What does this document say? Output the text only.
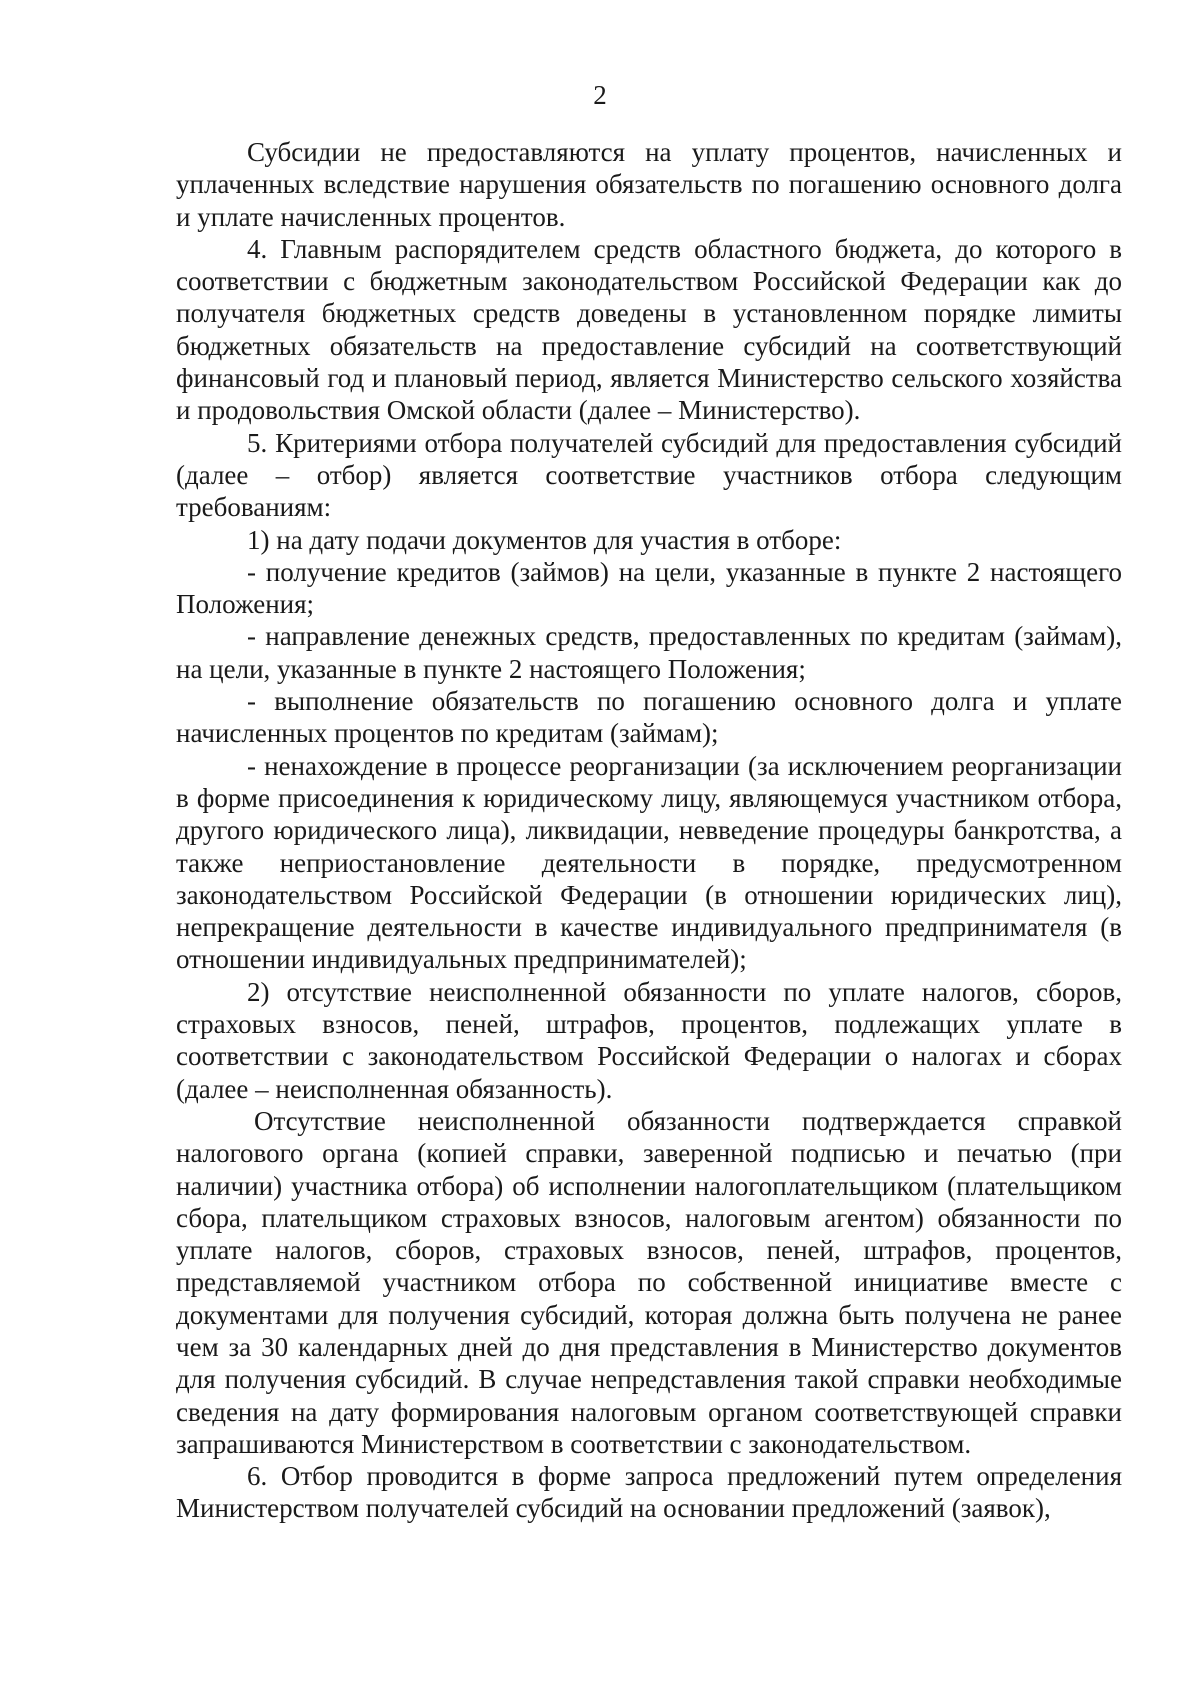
2

Субсидии не предоставляются на уплату процентов, начисленных и уплаченных вследствие нарушения обязательств по погашению основного долга и уплате начисленных процентов.

4. Главным распорядителем средств областного бюджета, до которого в соответствии с бюджетным законодательством Российской Федерации как до получателя бюджетных средств доведены в установленном порядке лимиты бюджетных обязательств на предоставление субсидий на соответствующий финансовый год и плановый период, является Министерство сельского хозяйства и продовольствия Омской области (далее – Министерство).

5. Критериями отбора получателей субсидий для предоставления субсидий (далее – отбор) является соответствие участников отбора следующим требованиям:

1) на дату подачи документов для участия в отборе:

- получение кредитов (займов) на цели, указанные в пункте 2 настоящего Положения;

- направление денежных средств, предоставленных по кредитам (займам), на цели, указанные в пункте 2 настоящего Положения;

- выполнение обязательств по погашению основного долга и уплате начисленных процентов по кредитам (займам);

- ненахождение в процессе реорганизации (за исключением реорганизации в форме присоединения к юридическому лицу, являющемуся участником отбора, другого юридического лица), ликвидации, невведение процедуры банкротства, а также неприостановление деятельности в порядке, предусмотренном законодательством Российской Федерации (в отношении юридических лиц), непрекращение деятельности в качестве индивидуального предпринимателя (в отношении индивидуальных предпринимателей);

2) отсутствие неисполненной обязанности по уплате налогов, сборов, страховых взносов, пеней, штрафов, процентов, подлежащих уплате в соответствии с законодательством Российской Федерации о налогах и сборах (далее – неисполненная обязанность).

Отсутствие неисполненной обязанности подтверждается справкой налогового органа (копией справки, заверенной подписью и печатью (при наличии) участника отбора) об исполнении налогоплательщиком (плательщиком сбора, плательщиком страховых взносов, налоговым агентом) обязанности по уплате налогов, сборов, страховых взносов, пеней, штрафов, процентов, представляемой участником отбора по собственной инициативе вместе с документами для получения субсидий, которая должна быть получена не ранее чем за 30 календарных дней до дня представления в Министерство документов для получения субсидий. В случае непредставления такой справки необходимые сведения на дату формирования налоговым органом соответствующей справки запрашиваются Министерством в соответствии с законодательством.

6. Отбор проводится в форме запроса предложений путем определения Министерством получателей субсидий на основании предложений (заявок),
